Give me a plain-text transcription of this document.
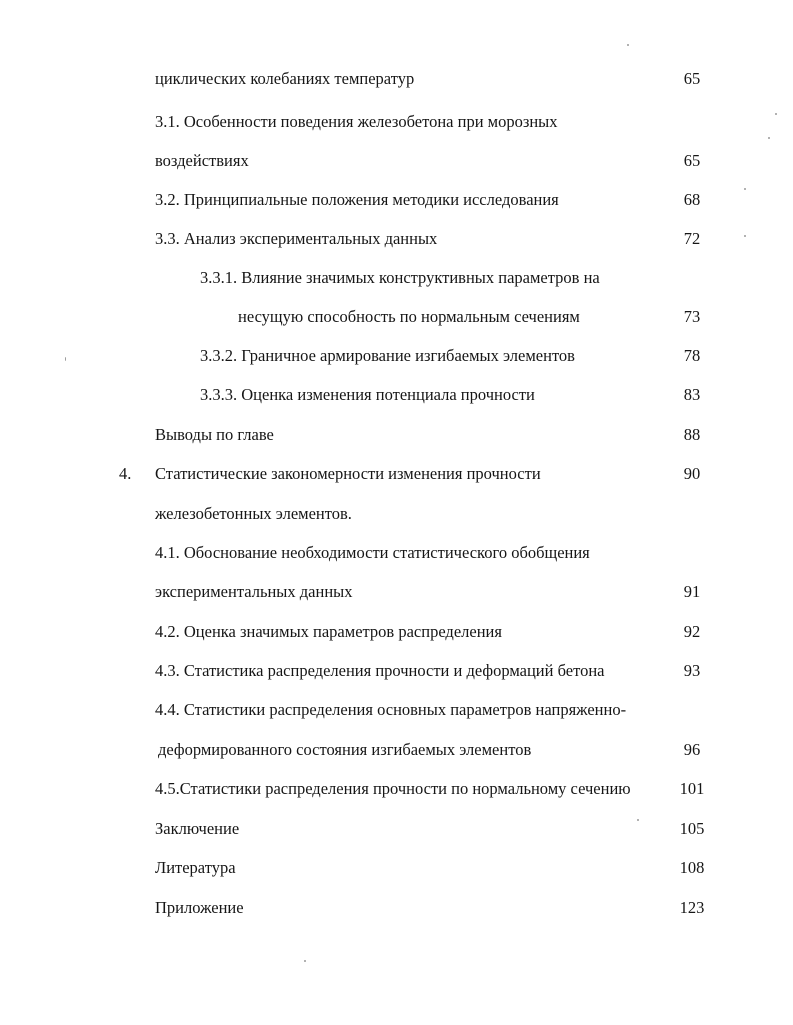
циклических колебаниях температур	65
3.1. Особенности поведения железобетона при морозных
воздействиях	65
3.2. Принципиальные положения методики исследования	68
3.3. Анализ экспериментальных данных	72
3.3.1. Влияние значимых конструктивных параметров на
несущую способность по нормальным сечениям	73
3.3.2. Граничное армирование изгибаемых элементов	78
3.3.3. Оценка изменения потенциала прочности	83
Выводы по главе	88
4. Статистические закономерности изменения прочности	90
железобетонных элементов.
4.1. Обоснование необходимости статистического обобщения
экспериментальных данных	91
4.2. Оценка значимых параметров распределения	92
4.3. Статистика распределения прочности и деформаций бетона	93
4.4. Статистики распределения основных параметров напряженно-
деформированного состояния изгибаемых элементов	96
4.5.Статистики распределения прочности по нормальному сечению	101
Заключение	105
Литература	108
Приложение	123
